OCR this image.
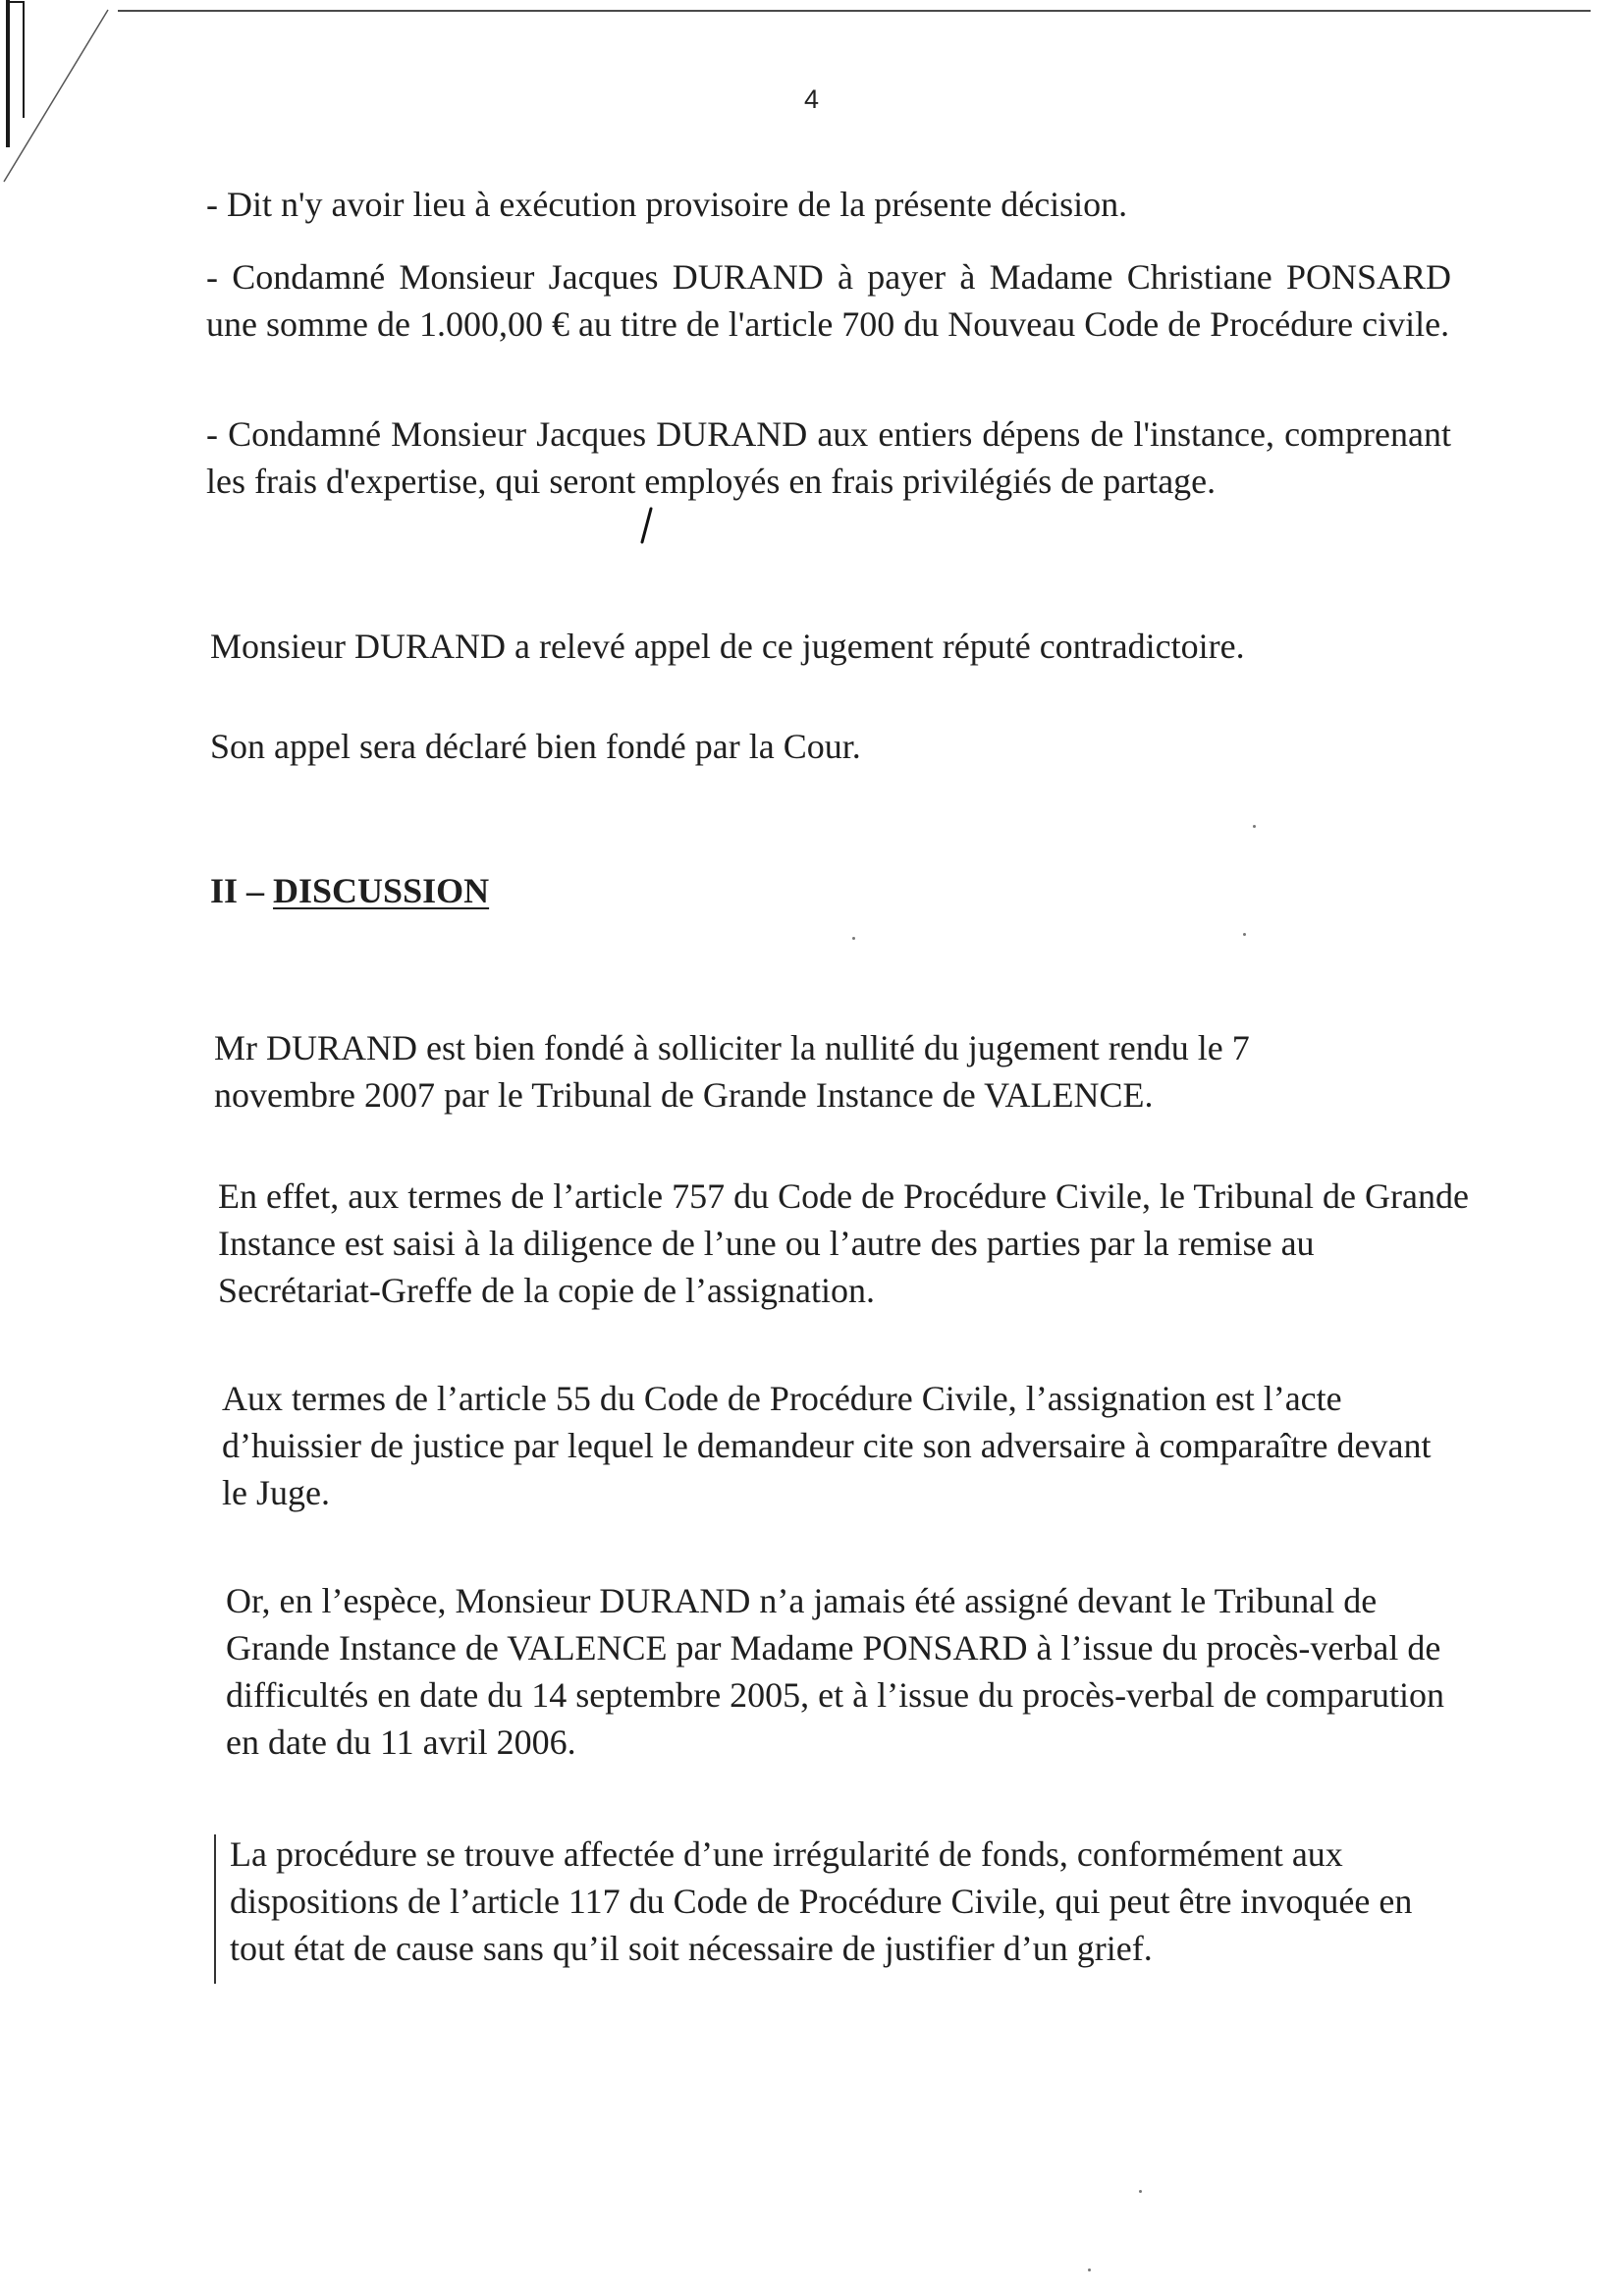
4

- Dit n'y avoir lieu à exécution provisoire de la présente décision.

- Condamné Monsieur Jacques DURAND à payer à Madame Christiane PONSARD une somme de 1.000,00 € au titre de l'article 700 du Nouveau Code de Procédure civile.

- Condamné Monsieur Jacques DURAND aux entiers dépens de l'instance, comprenant les frais d'expertise, qui seront employés en frais privilégiés de partage.

Monsieur DURAND a relevé appel de ce jugement réputé contradictoire.

Son appel sera déclaré bien fondé par la Cour.

II – DISCUSSION

Mr DURAND est bien fondé à solliciter la nullité du jugement rendu le 7 novembre 2007 par le Tribunal de Grande Instance de VALENCE.

En effet, aux termes de l’article 757 du Code de Procédure Civile, le Tribunal de Grande Instance est saisi à la diligence de l’une ou l’autre des parties par la remise au Secrétariat-Greffe de la copie de l’assignation.

Aux termes de l’article 55 du Code de Procédure Civile, l’assignation est l’acte d’huissier de justice par lequel le demandeur cite son adversaire à comparaître devant le Juge.

Or, en l’espèce, Monsieur DURAND n’a jamais été assigné devant le Tribunal de Grande Instance de VALENCE par Madame PONSARD à l’issue du procès-verbal de difficultés en date du 14 septembre 2005, et à l’issue du procès-verbal de comparution en date du 11 avril 2006.

La procédure se trouve affectée d’une irrégularité de fonds, conformément aux dispositions de l’article 117 du Code de Procédure Civile, qui peut être invoquée en tout état de cause sans qu’il soit nécessaire de justifier d’un grief.
